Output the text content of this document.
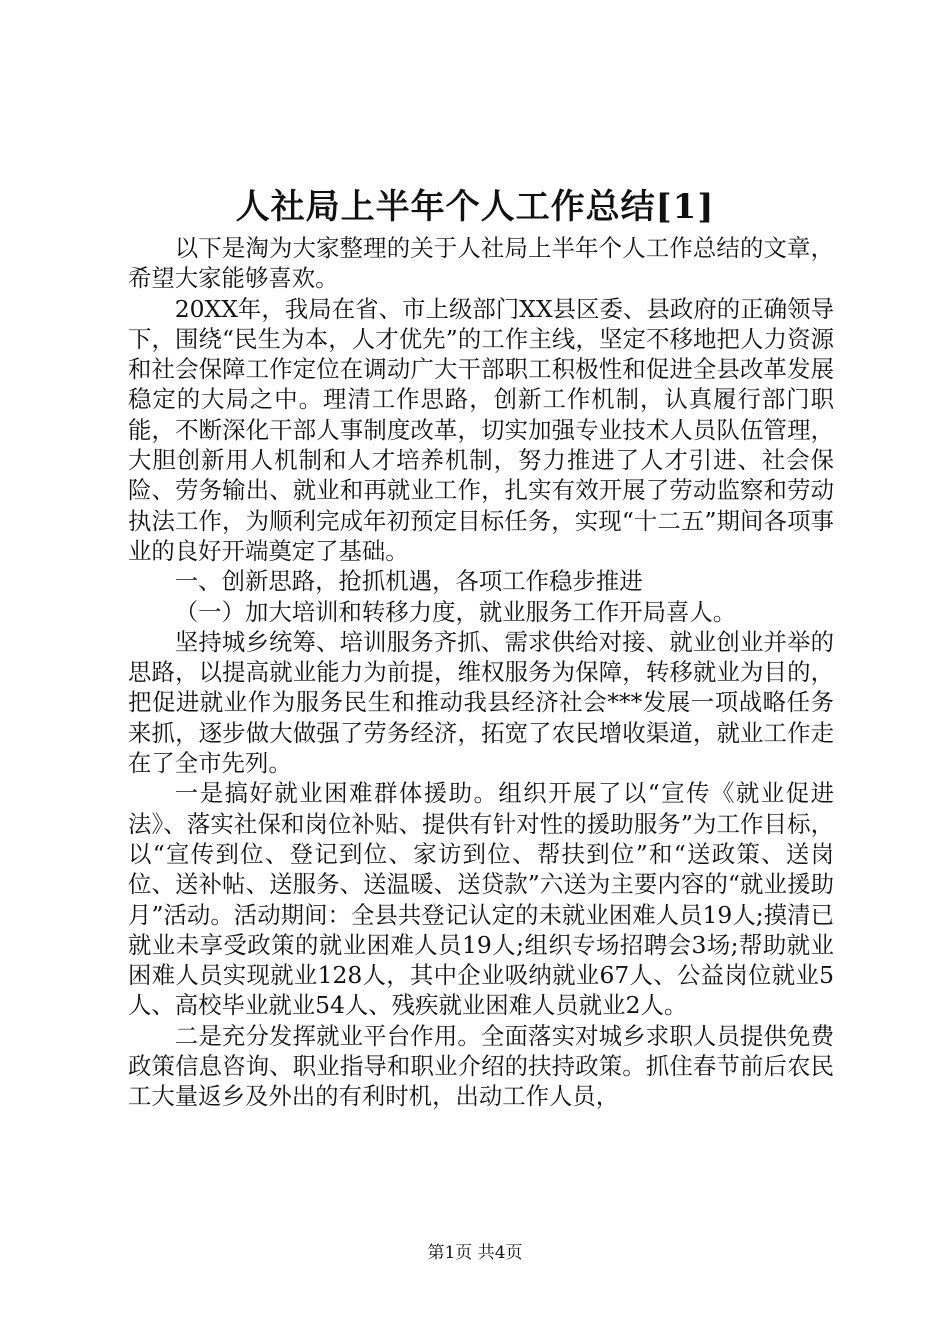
人社局上半年个人工作总结[1]

以下是淘为大家整理的关于人社局上半年个人工作总结的文章，希望大家能够喜欢。

20XX年，我局在省、市上级部门XX县区委、县政府的正确领导下，围绕“民生为本，人才优先”的工作主线，坚定不移地把人力资源和社会保障工作定位在调动广大干部职工积极性和促进全县改革发展稳定的大局之中。理清工作思路，创新工作机制，认真履行部门职能，不断深化干部人事制度改革，切实加强专业技术人员队伍管理，大胆创新用人机制和人才培养机制，努力推进了人才引进、社会保险、劳务输出、就业和再就业工作，扎实有效开展了劳动监察和劳动执法工作，为顺利完成年初预定目标任务，实现“十二五”期间各项事业的良好开端奠定了基础。

一、创新思路，抢抓机遇，各项工作稳步推进

（一）加大培训和转移力度，就业服务工作开局喜人。

坚持城乡统筹、培训服务齐抓、需求供给对接、就业创业并举的思路，以提高就业能力为前提，维权服务为保障，转移就业为目的，把促进就业作为服务民生和推动我县经济社会***发展一项战略任务来抓，逐步做大做强了劳务经济，拓宽了农民增收渠道，就业工作走在了全市先列。

一是搞好就业困难群体援助。组织开展了以“宣传《就业促进法》、落实社保和岗位补贴、提供有针对性的援助服务”为工作目标，以“宣传到位、登记到位、家访到位、帮扶到位”和“送政策、送岗位、送补帖、送服务、送温暖、送贷款”六送为主要内容的“就业援助月”活动。活动期间：全县共登记认定的未就业困难人员19人;摸清已就业未享受政策的就业困难人员19人;组织专场招聘会3场;帮助就业困难人员实现就业128人，其中企业吸纳就业67人、公益岗位就业5人、高校毕业就业54人、残疾就业困难人员就业2人。

二是充分发挥就业平台作用。全面落实对城乡求职人员提供免费政策信息咨询、职业指导和职业介绍的扶持政策。抓住春节前后农民工大量返乡及外出的有利时机，出动工作人员，

第1页 共4页
